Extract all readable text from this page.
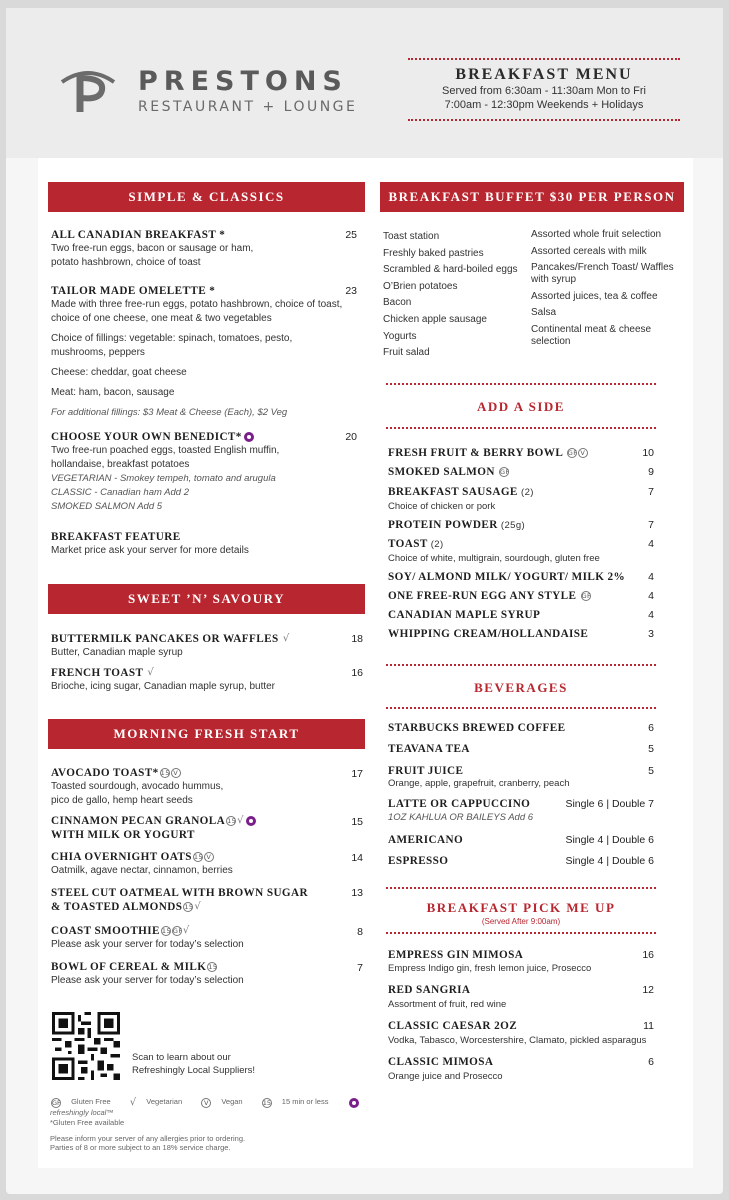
PRESTONS
RESTAURANT + LOUNGE
BREAKFAST MENU
Served from 6:30am - 11:30am Mon to Fri
7:00am - 12:30pm Weekends + Holidays
SIMPLE & CLASSICS
ALL CANADIAN BREAKFAST *
Two free-run eggs, bacon or sausage or ham,
potato hashbrown, choice of toast
25
TAILOR MADE OMELETTE *
Made with three free-run eggs, potato hashbrown, choice of toast,
choice of one cheese, one meat & two vegetables
Choice of fillings: vegetable: spinach, tomatoes, pesto,
mushrooms, peppers
Cheese: cheddar, goat cheese
Meat: ham, bacon, sausage
For additional fillings: $3 Meat & Cheese (Each), $2 Veg
23
CHOOSE YOUR OWN BENEDICT*
Two free-run poached eggs, toasted English muffin,
hollandaise, breakfast potatoes
VEGETARIAN - Smokey tempeh, tomato and arugula
CLASSIC - Canadian ham Add 2
SMOKED SALMON Add 5
20
BREAKFAST FEATURE
Market price ask your server for more details
SWEET ’N’ SAVOURY
BUTTERMILK PANCAKES OR WAFFLES √
Butter, Canadian maple syrup
18
FRENCH TOAST √
Brioche, icing sugar, Canadian maple syrup, butter
16
MORNING FRESH START
AVOCADO TOAST* 15 V
Toasted sourdough, avocado hummus,
pico de gallo, hemp heart seeds
17
CINNAMON PECAN GRANOLA 15√
WITH MILK OR YOGURT
15
CHIA OVERNIGHT OATS 15 V
Oatmilk, agave nectar, cinnamon, berries
14
STEEL CUT OATMEAL WITH BROWN SUGAR
& TOASTED ALMONDS 15√
13
COAST SMOOTHIE 15 GF√
Please ask your server for today’s selection
8
BOWL OF CEREAL & MILK 15
Please ask your server for today’s selection
7
Scan to learn about our
Refreshingly Local Suppliers!
GF Gluten Free √ Vegetarian	V Vegan	15 15 min or less  refreshingly local™
*Gluten Free available
Please inform your server of any allergies prior to ordering.
Parties of 8 or more subject to an 18% service charge.
BREAKFAST BUFFET $30 PER PERSON
Toast station
Freshly baked pastries
Scrambled & hard-boiled eggs
O’Brien potatoes
Bacon
Chicken apple sausage
Yogurts
Fruit salad
Assorted whole fruit selection
Assorted cereals with milk
Pancakes/French Toast/ Waffles
with syrup
Assorted juices, tea & coffee
Salsa
Continental meat & cheese
selection
ADD A SIDE
FRESH FRUIT & BERRY BOWL GF V	10
SMOKED SALMON GF	9
BREAKFAST SAUSAGE (2)	7
Choice of chicken or pork
PROTEIN POWDER (25g)	7
TOAST (2)	4
Choice of white, multigrain, sourdough, gluten free
SOY/ ALMOND MILK/ YOGURT/ MILK 2% 4
ONE FREE-RUN EGG ANY STYLE GF	4
CANADIAN MAPLE SYRUP	4
WHIPPING CREAM/HOLLANDAISE	3
BEVERAGES
STARBUCKS BREWED COFFEE	6
TEAVANA TEA	5
FRUIT JUICE	5
Orange, apple, grapefruit, cranberry, peach
LATTE OR CAPPUCCINO	Single 6 | Double 7
1OZ KAHLUA OR BAILEYS Add 6
AMERICANO	Single 4 | Double 6
ESPRESSO	Single 4 | Double 6
BREAKFAST PICK ME UP
(Served After 9:00am)
EMPRESS GIN MIMOSA	16
Empress Indigo gin, fresh lemon juice, Prosecco
RED SANGRIA	12
Assortment of fruit, red wine
CLASSIC CAESAR 2OZ	11
Vodka, Tabasco, Worcestershire, Clamato, pickled asparagus
CLASSIC MIMOSA	6
Orange juice and Prosecco
